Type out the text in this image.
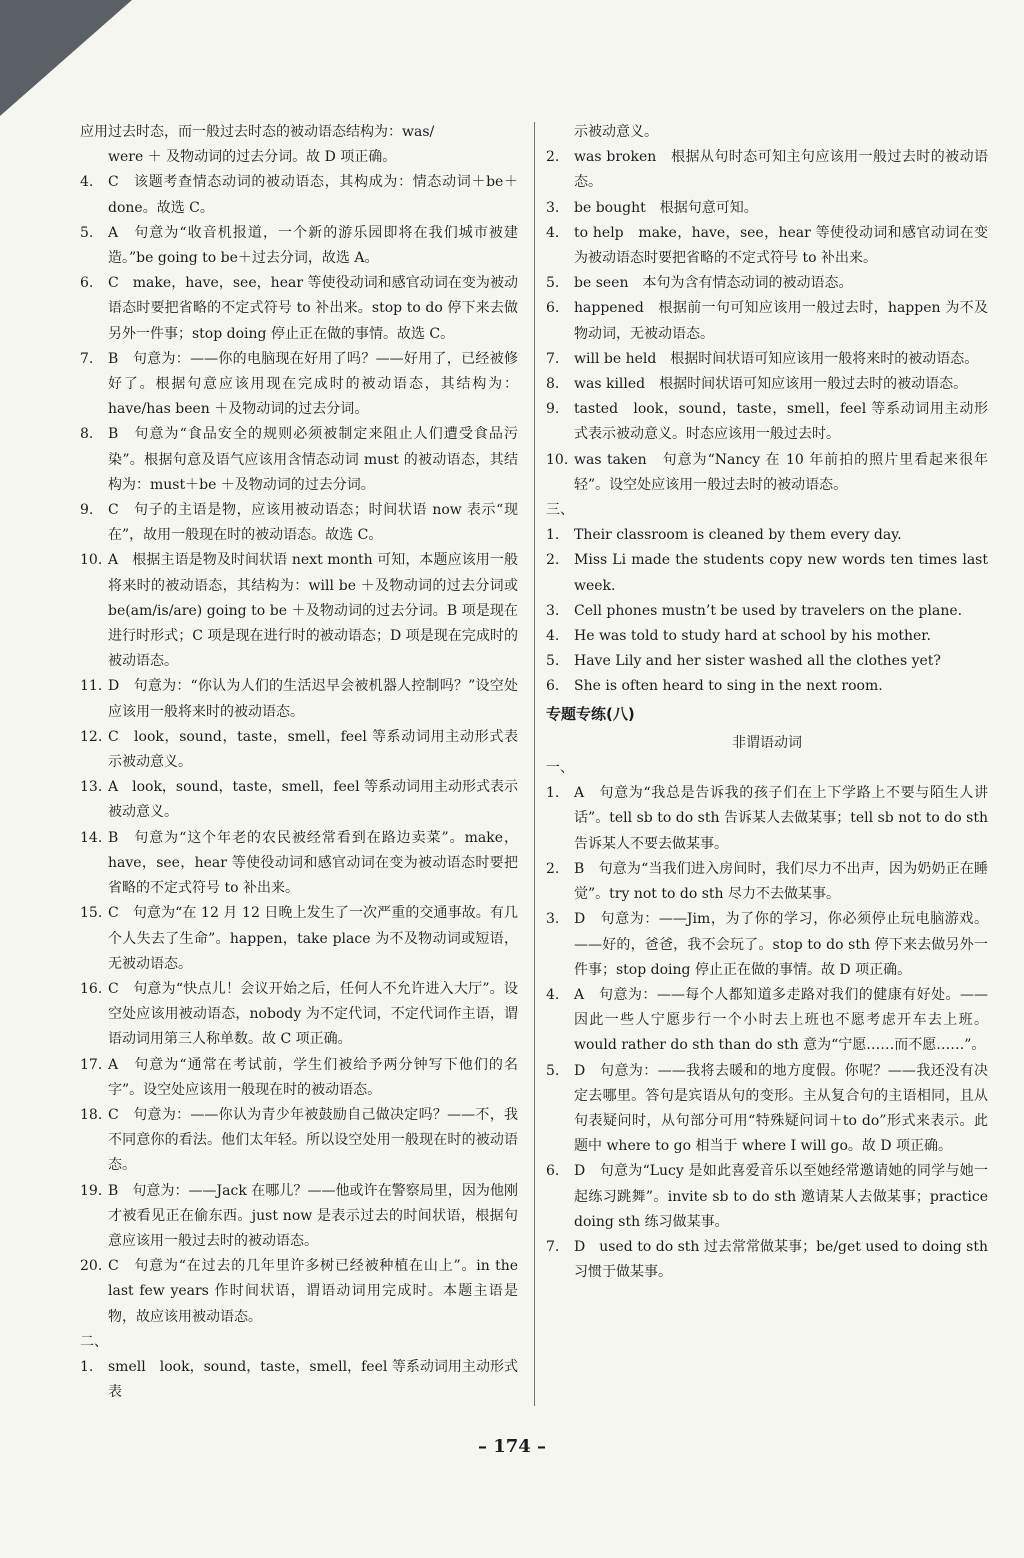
应用过去时态，而一般过去时态的被动语态结构为：was/
were ＋ 及物动词的过去分词。故 D 项正确。
4.	C　该题考查情态动词的被动语态，其构成为：情态动词＋be＋done。故选 C。
5.	A　句意为“收音机报道，一个新的游乐园即将在我们城市被建造。”be going to be＋过去分词，故选 A。
6.	C　make，have，see，hear 等使役动词和感官动词在变为被动语态时要把省略的不定式符号 to 补出来。stop to do 停下来去做另外一件事；stop doing 停止正在做的事情。故选 C。
7.	B　句意为：——你的电脑现在好用了吗？——好用了，已经被修好了。根据句意应该用现在完成时的被动语态，其结构为：have/has been ＋及物动词的过去分词。
8.	B　句意为“食品安全的规则必须被制定来阻止人们遭受食品污染”。根据句意及语气应该用含情态动词 must 的被动语态，其结构为：must＋be ＋及物动词的过去分词。
9.	C　句子的主语是物，应该用被动语态；时间状语 now 表示“现在”，故用一般现在时的被动语态。故选 C。
10. A　根据主语是物及时间状语 next month 可知，本题应该用一般将来时的被动语态，其结构为：will be ＋及物动词的过去分词或 be(am/is/are) going to be ＋及物动词的过去分词。B 项是现在进行时形式；C 项是现在进行时的被动语态；D 项是现在完成时的被动语态。
11. D　句意为：“你认为人们的生活迟早会被机器人控制吗？”设空处应该用一般将来时的被动语态。
12. C　look，sound，taste，smell，feel 等系动词用主动形式表示被动意义。
13. A　look，sound，taste，smell，feel 等系动词用主动形式表示被动意义。
14. B　句意为“这个年老的农民被经常看到在路边卖菜”。make，have，see，hear 等使役动词和感官动词在变为被动语态时要把省略的不定式符号 to 补出来。
15. C　句意为“在 12 月 12 日晚上发生了一次严重的交通事故。有几个人失去了生命”。happen，take place 为不及物动词或短语，无被动语态。
16. C　句意为“快点儿！会议开始之后，任何人不允许进入大厅”。设空处应该用被动语态，nobody 为不定代词，不定代词作主语，谓语动词用第三人称单数。故 C 项正确。
17. A　句意为“通常在考试前，学生们被给予两分钟写下他们的名字”。设空处应该用一般现在时的被动语态。
18. C　句意为：——你认为青少年被鼓励自己做决定吗？——不，我不同意你的看法。他们太年轻。所以设空处用一般现在时的被动语态。
19. B　句意为：——Jack 在哪儿？——他或许在警察局里，因为他刚才被看见正在偷东西。just now 是表示过去的时间状语，根据句意应该用一般过去时的被动语态。
20. C　句意为“在过去的几年里许多树已经被种植在山上”。in the last few years 作时间状语，谓语动词用完成时。本题主语是物，故应该用被动语态。
二、
1.	smell　look，sound，taste，smell，feel 等系动词用主动形式表
示被动意义。
2.	was broken　根据从句时态可知主句应该用一般过去时的被动语态。
3.	be bought　根据句意可知。
4.	to help　make，have，see，hear 等使役动词和感官动词在变为被动语态时要把省略的不定式符号 to 补出来。
5.	be seen　本句为含有情态动词的被动语态。
6.	happened　根据前一句可知应该用一般过去时，happen 为不及物动词，无被动语态。
7.	will be held　根据时间状语可知应该用一般将来时的被动语态。
8.	was killed　根据时间状语可知应该用一般过去时的被动语态。
9.	tasted　look，sound，taste，smell，feel 等系动词用主动形式表示被动意义。时态应该用一般过去时。
10. was taken　句意为“Nancy 在 10 年前拍的照片里看起来很年轻”。设空处应该用一般过去时的被动语态。
三、
1.	Their classroom is cleaned by them every day.
2.	Miss Li made the students copy new words ten times last week.
3.	Cell phones mustn’t be used by travelers on the plane.
4.	He was told to study hard at school by his mother.
5.	Have Lily and her sister washed all the clothes yet?
6.	She is often heard to sing in the next room.
专题专练(八)
非谓语动词
一、
1.	A　句意为“我总是告诉我的孩子们在上下学路上不要与陌生人讲话”。tell sb to do sth 告诉某人去做某事；tell sb not to do sth 告诉某人不要去做某事。
2.	B　句意为“当我们进入房间时，我们尽力不出声，因为奶奶正在睡觉”。try not to do sth 尽力不去做某事。
3.	D　句意为：——Jim，为了你的学习，你必须停止玩电脑游戏。——好的，爸爸，我不会玩了。stop to do sth 停下来去做另外一件事；stop doing 停止正在做的事情。故 D 项正确。
4.	A　句意为：——每个人都知道多走路对我们的健康有好处。——因此一些人宁愿步行一个小时去上班也不愿考虑开车去上班。would rather do sth than do sth 意为“宁愿……而不愿……”。
5.	D　句意为：——我将去暖和的地方度假。你呢？——我还没有决定去哪里。答句是宾语从句的变形。主从复合句的主语相同，且从句表疑问时，从句部分可用“特殊疑问词＋to do”形式来表示。此题中 where to go 相当于 where I will go。故 D 项正确。
6.	D　句意为“Lucy 是如此喜爱音乐以至她经常邀请她的同学与她一起练习跳舞”。invite sb to do sth 邀请某人去做某事；practice doing sth 练习做某事。
7.	D　used to do sth 过去常常做某事；be/get used to doing sth 习惯于做某事。
– 174 –
